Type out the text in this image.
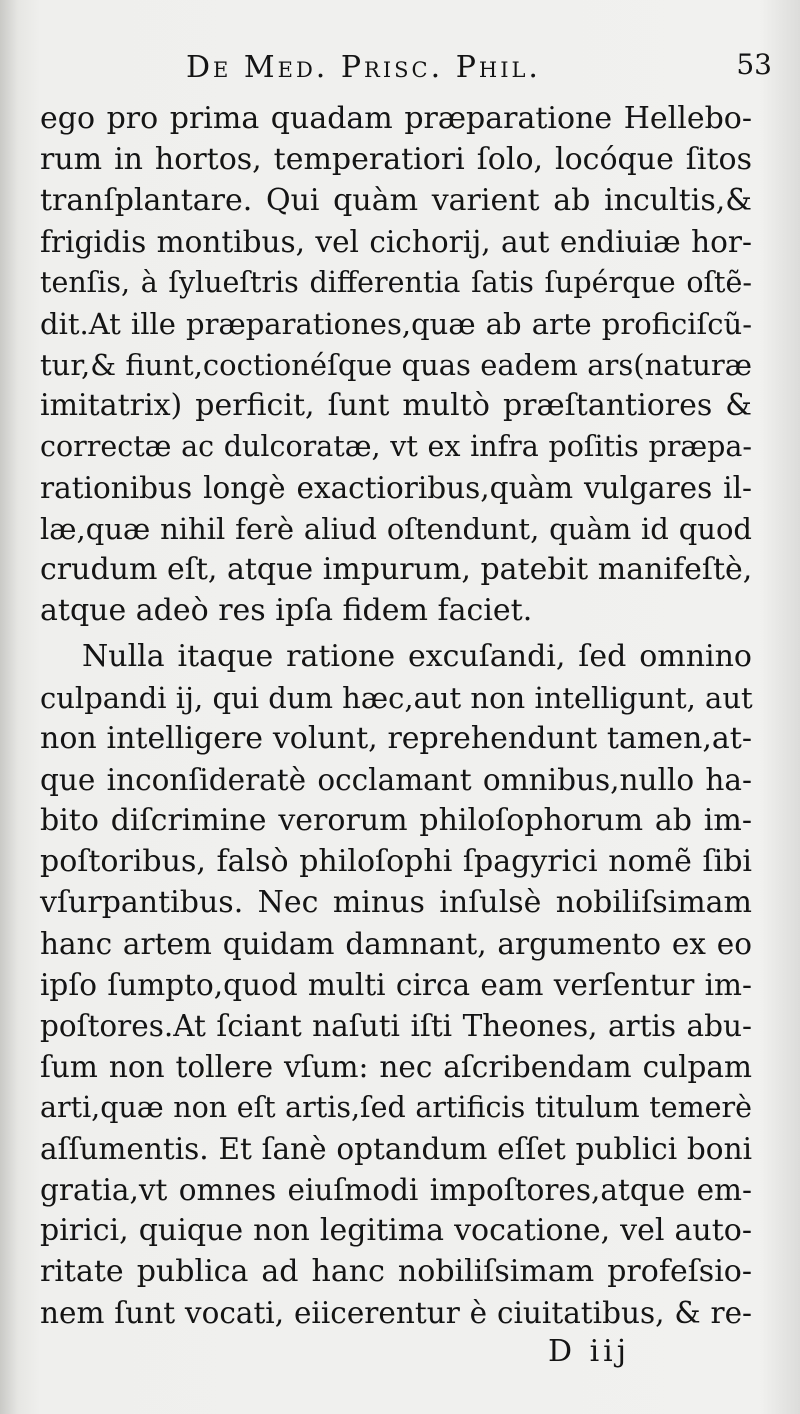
De Med. Prisc. Phil.	53
ego pro prima quadam præparatione Hellebo-
rum in hortos, temperatiori ſolo, locóque ſitos
tranſplantare. Qui quàm varient ab incultis,&
frigidis montibus, vel cichorij, aut endiuiæ hor-
tenſis, à ſylueſtris differentia ſatis ſupérque oſtẽ-
dit.At ille præparationes,quæ ab arte proficiſcũ-
tur,& fiunt,coctionéſque quas eadem ars(naturæ
imitatrix) perficit, ſunt multò præſtantiores &
correctæ ac dulcoratæ, vt ex infra poſitis præpa-
rationibus longè exactioribus,quàm vulgares il-
læ,quæ nihil ferè aliud oſtendunt, quàm id quod
crudum eſt, atque impurum, patebit manifeſtè,
atque adeò res ipſa fidem faciet.
Nulla itaque ratione excuſandi, ſed omnino
culpandi ij, qui dum hæc,aut non intelligunt, aut
non intelligere volunt, reprehendunt tamen,at-
que inconſideratè occlamant omnibus,nullo ha-
bito diſcrimine verorum philoſophorum ab im-
poſtoribus, falsò philoſophi ſpagyrici nomẽ ſibi
vſurpantibus. Nec minus inſulsè nobiliſsimam
hanc artem quidam damnant, argumento ex eo
ipſo ſumpto,quod multi circa eam verſentur im-
poſtores.At ſciant naſuti iſti Theones, artis abu-
ſum non tollere vſum: nec aſcribendam culpam
arti,quæ non eſt artis,ſed artificis titulum temerè
aſſumentis. Et ſanè optandum eſſet publici boni
gratia,vt omnes eiuſmodi impoſtores,atque em-
pirici, quique non legitima vocatione, vel auto-
ritate publica ad hanc nobiliſsimam profeſsio-
nem ſunt vocati, eiicerentur è ciuitatibus, & re-
D iij
